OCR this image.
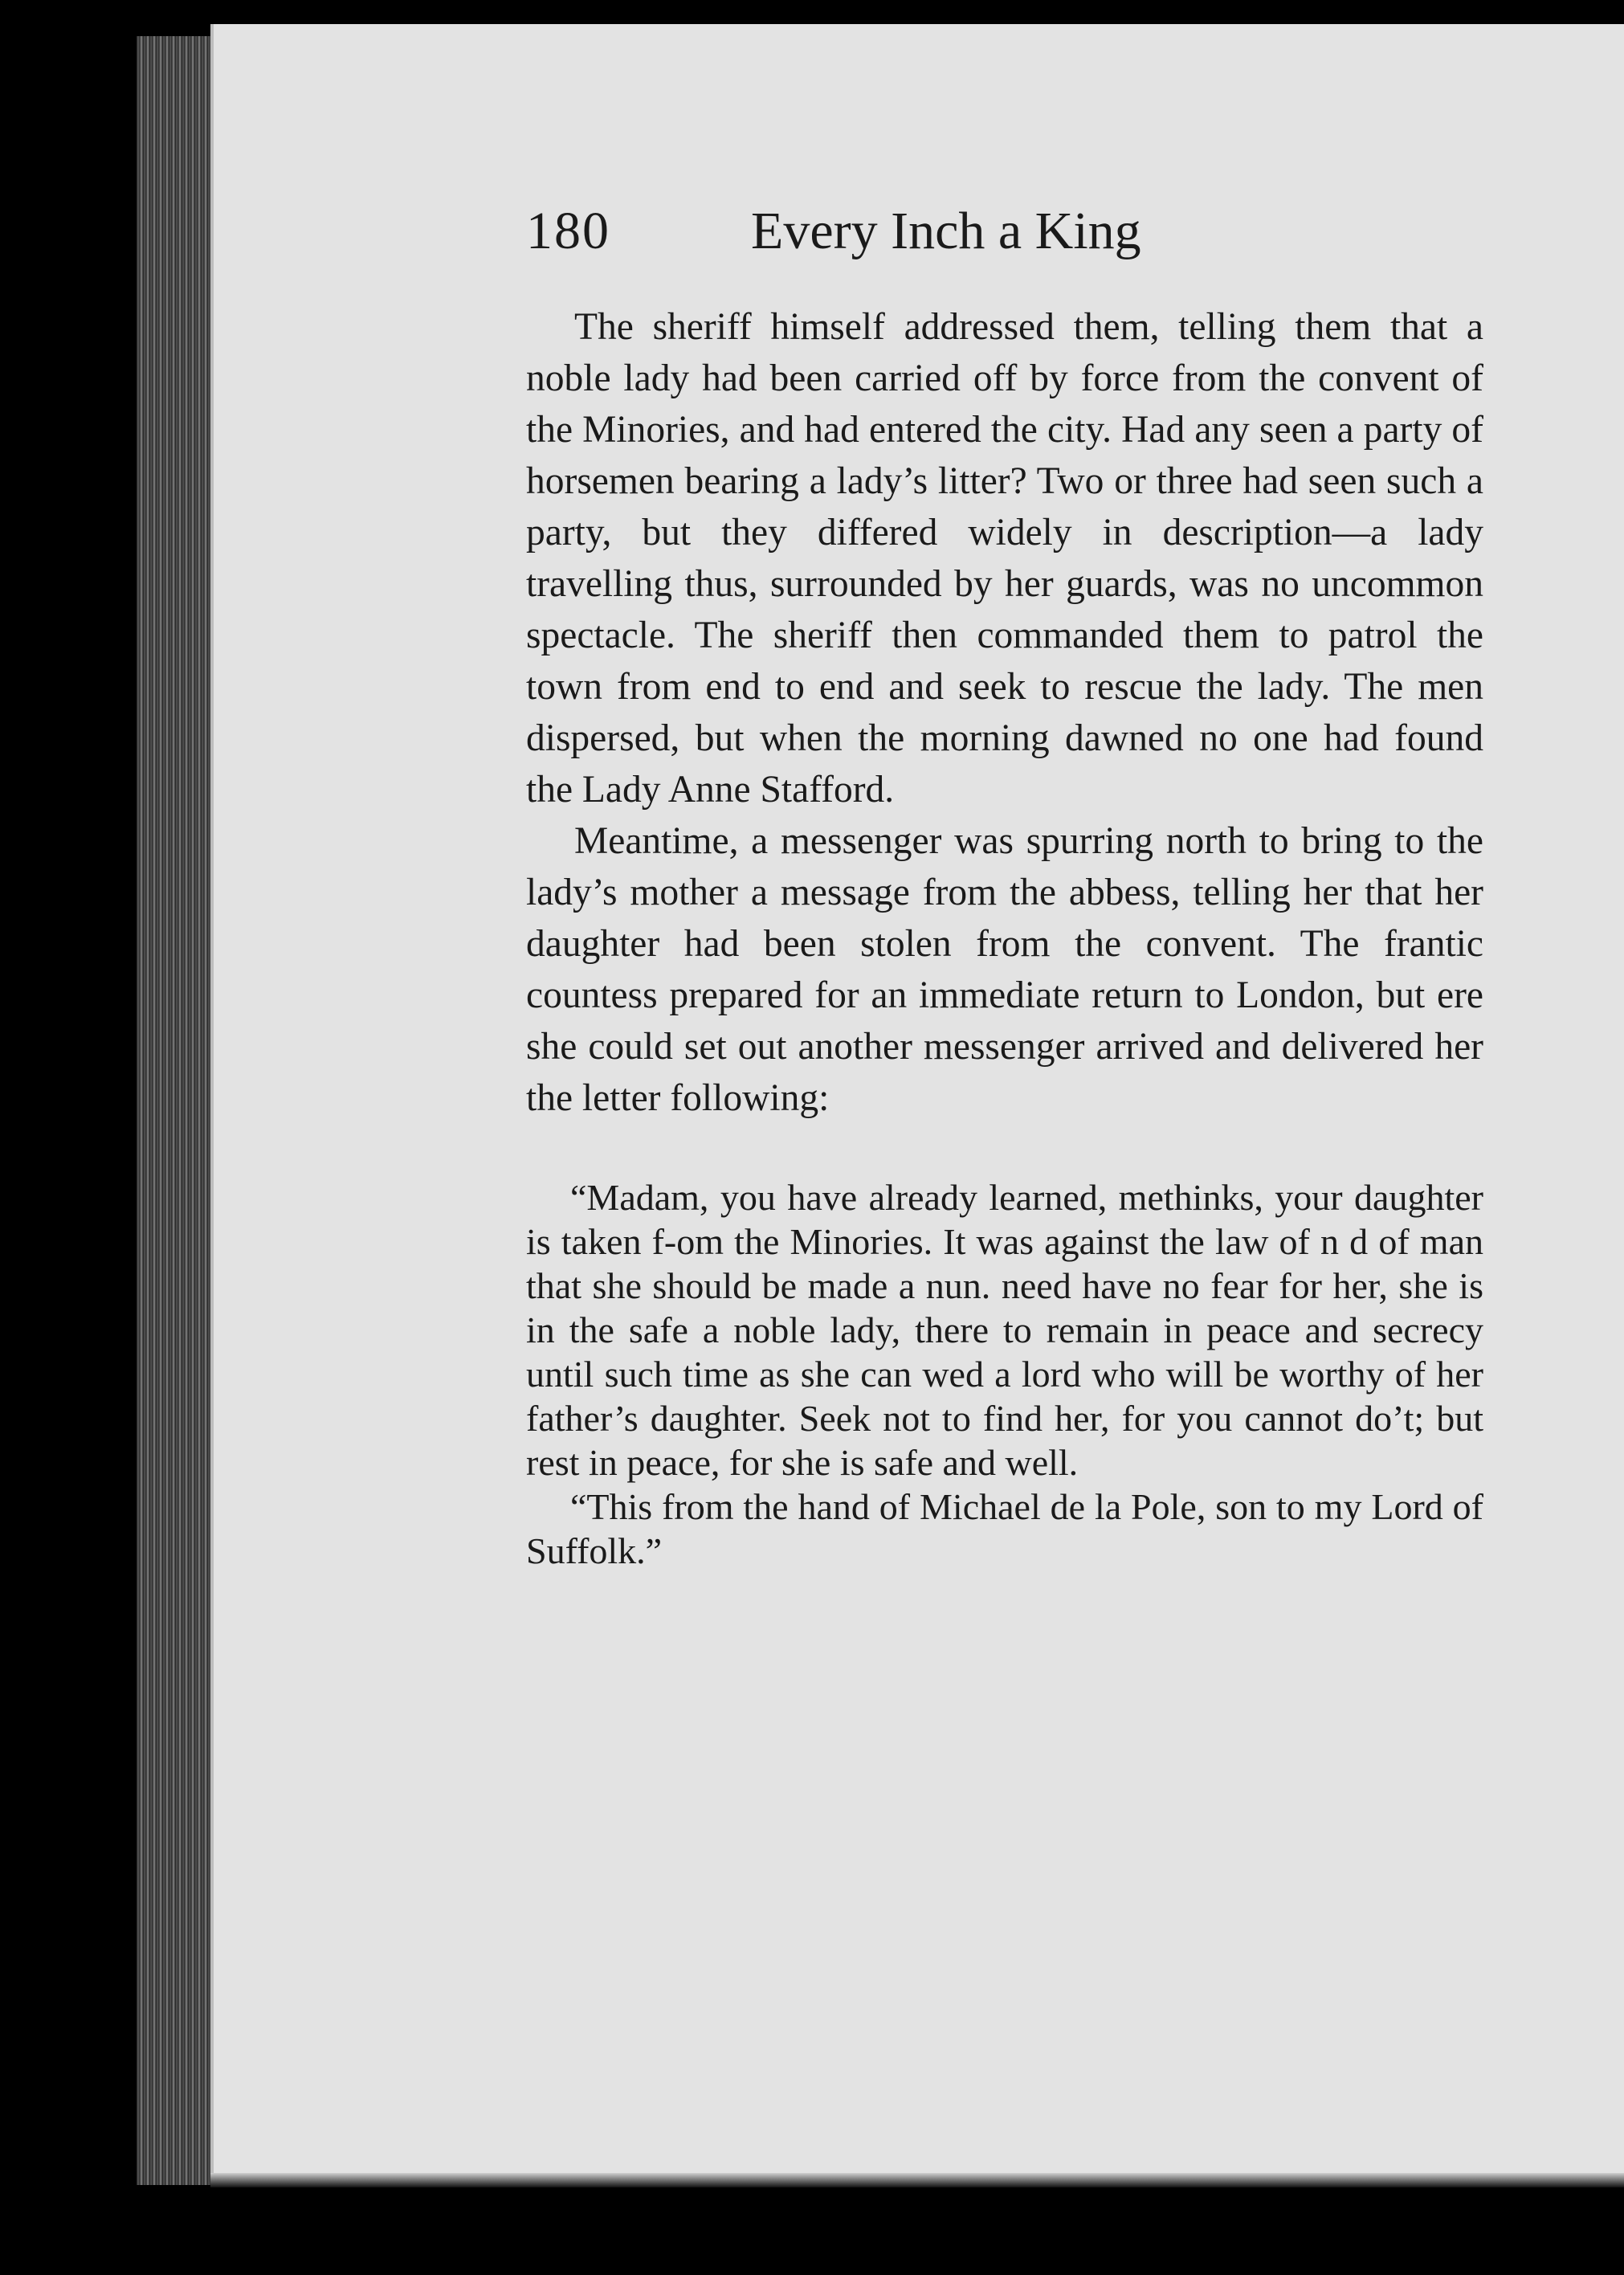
180	Every Inch a King

The sheriff himself addressed them, telling them that a noble lady had been carried off by force from the convent of the Minories, and had entered the city. Had any seen a party of horsemen bearing a lady’s litter? Two or three had seen such a party, but they differed widely in description—a lady travelling thus, surrounded by her guards, was no uncommon spectacle. The sheriff then commanded them to patrol the town from end to end and seek to rescue the lady. The men dispersed, but when the morning dawned no one had found the Lady Anne Stafford.

Meantime, a messenger was spurring north to bring to the lady’s mother a message from the abbess, telling her that her daughter had been stolen from the convent. The frantic countess prepared for an immediate return to London, but ere she could set out another messenger arrived and delivered her the letter following:

“Madam, you have already learned, methinks, your daughter is taken f-om the Minories. It was against the law of n d of man that she should be made a nun. need have no fear for her, she is in the safe a noble lady, there to remain in peace and secrecy until such time as she can wed a lord who will be worthy of her father’s daughter. Seek not to find her, for you cannot do’t; but rest in peace, for she is safe and well.

“This from the hand of Michael de la Pole, son to my Lord of Suffolk.”
